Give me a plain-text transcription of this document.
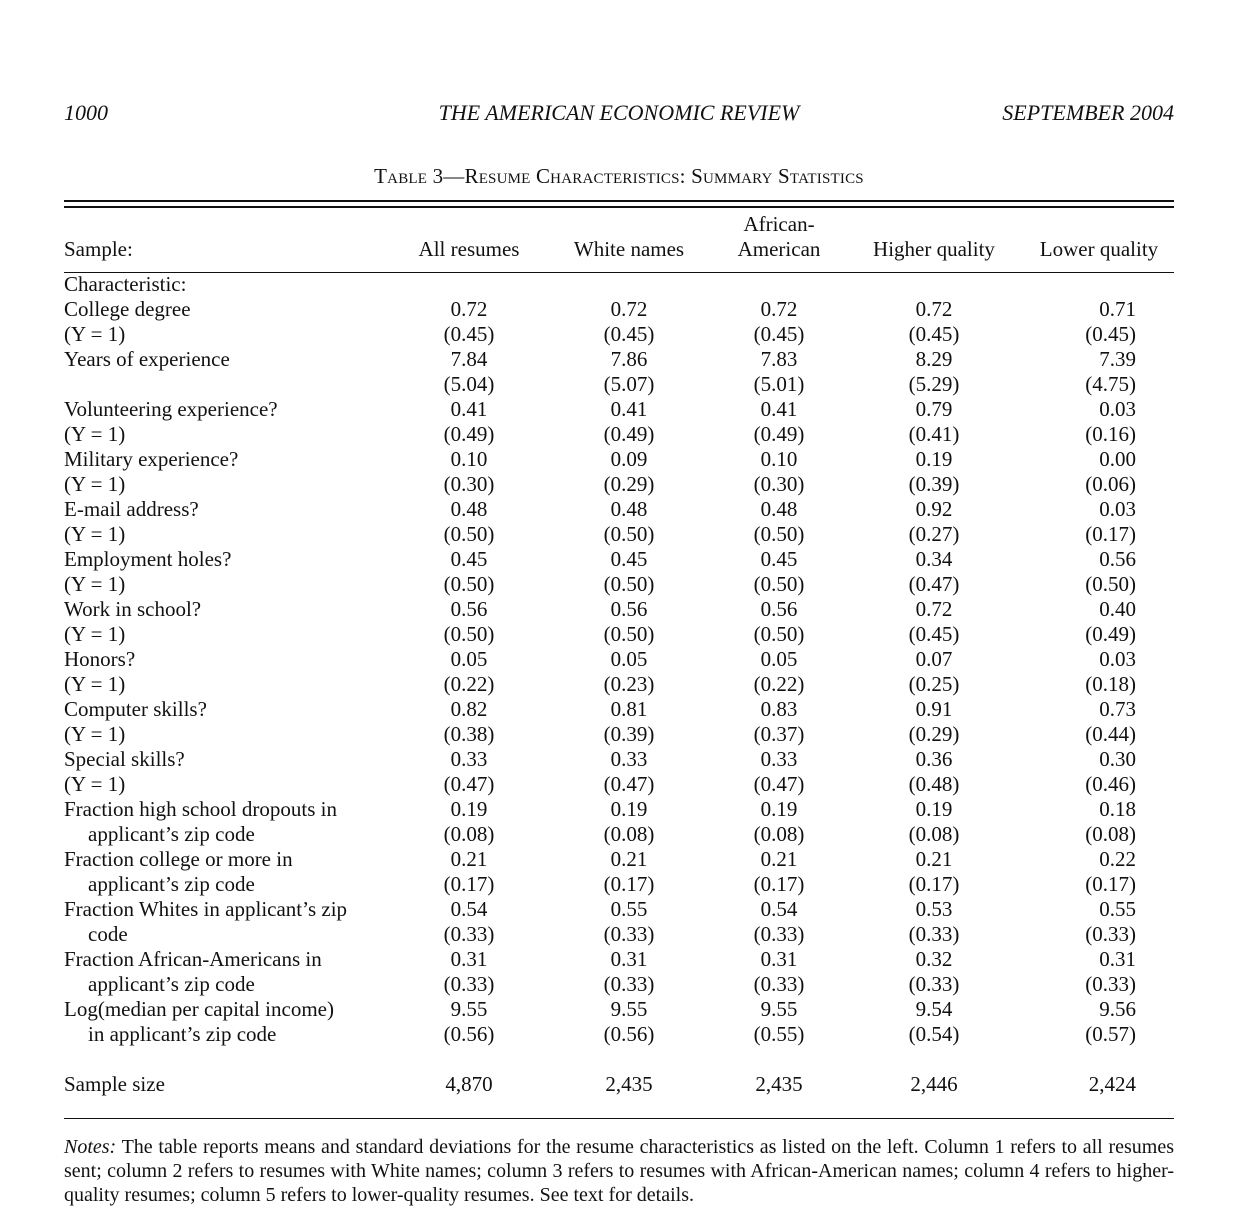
1000	THE AMERICAN ECONOMIC REVIEW	SEPTEMBER 2004
Table 3—Resume Characteristics: Summary Statistics
			African-		
Sample:	All resumes	White names	American	Higher quality	Lower quality

Characteristic:					
College degree	0.72	0.72	0.72	0.72	0.71
(Y = 1)	(0.45)	(0.45)	(0.45)	(0.45)	(0.45)
Years of experience	7.84	7.86	7.83	8.29	7.39
	(5.04)	(5.07)	(5.01)	(5.29)	(4.75)
Volunteering experience?	0.41	0.41	0.41	0.79	0.03
(Y = 1)	(0.49)	(0.49)	(0.49)	(0.41)	(0.16)
Military experience?	0.10	0.09	0.10	0.19	0.00
(Y = 1)	(0.30)	(0.29)	(0.30)	(0.39)	(0.06)
E-mail address?	0.48	0.48	0.48	0.92	0.03
(Y = 1)	(0.50)	(0.50)	(0.50)	(0.27)	(0.17)
Employment holes?	0.45	0.45	0.45	0.34	0.56
(Y = 1)	(0.50)	(0.50)	(0.50)	(0.47)	(0.50)
Work in school?	0.56	0.56	0.56	0.72	0.40
(Y = 1)	(0.50)	(0.50)	(0.50)	(0.45)	(0.49)
Honors?	0.05	0.05	0.05	0.07	0.03
(Y = 1)	(0.22)	(0.23)	(0.22)	(0.25)	(0.18)
Computer skills?	0.82	0.81	0.83	0.91	0.73
(Y = 1)	(0.38)	(0.39)	(0.37)	(0.29)	(0.44)
Special skills?	0.33	0.33	0.33	0.36	0.30
(Y = 1)	(0.47)	(0.47)	(0.47)	(0.48)	(0.46)
Fraction high school dropouts in	0.19	0.19	0.19	0.19	0.18
applicant’s zip code	(0.08)	(0.08)	(0.08)	(0.08)	(0.08)
Fraction college or more in	0.21	0.21	0.21	0.21	0.22
applicant’s zip code	(0.17)	(0.17)	(0.17)	(0.17)	(0.17)
Fraction Whites in applicant’s zip	0.54	0.55	0.54	0.53	0.55
code	(0.33)	(0.33)	(0.33)	(0.33)	(0.33)
Fraction African-Americans in	0.31	0.31	0.31	0.32	0.31
applicant’s zip code	(0.33)	(0.33)	(0.33)	(0.33)	(0.33)
Log(median per capital income)	9.55	9.55	9.55	9.54	9.56
in applicant’s zip code	(0.56)	(0.56)	(0.55)	(0.54)	(0.57)

Sample size	4,870	2,435	2,435	2,446	2,424
Notes: The table reports means and standard deviations for the resume characteristics as listed on the left. Column 1 refers to all resumes sent; column 2 refers to resumes with White names; column 3 refers to resumes with African-American names; column 4 refers to higher-quality resumes; column 5 refers to lower-quality resumes. See text for details.
